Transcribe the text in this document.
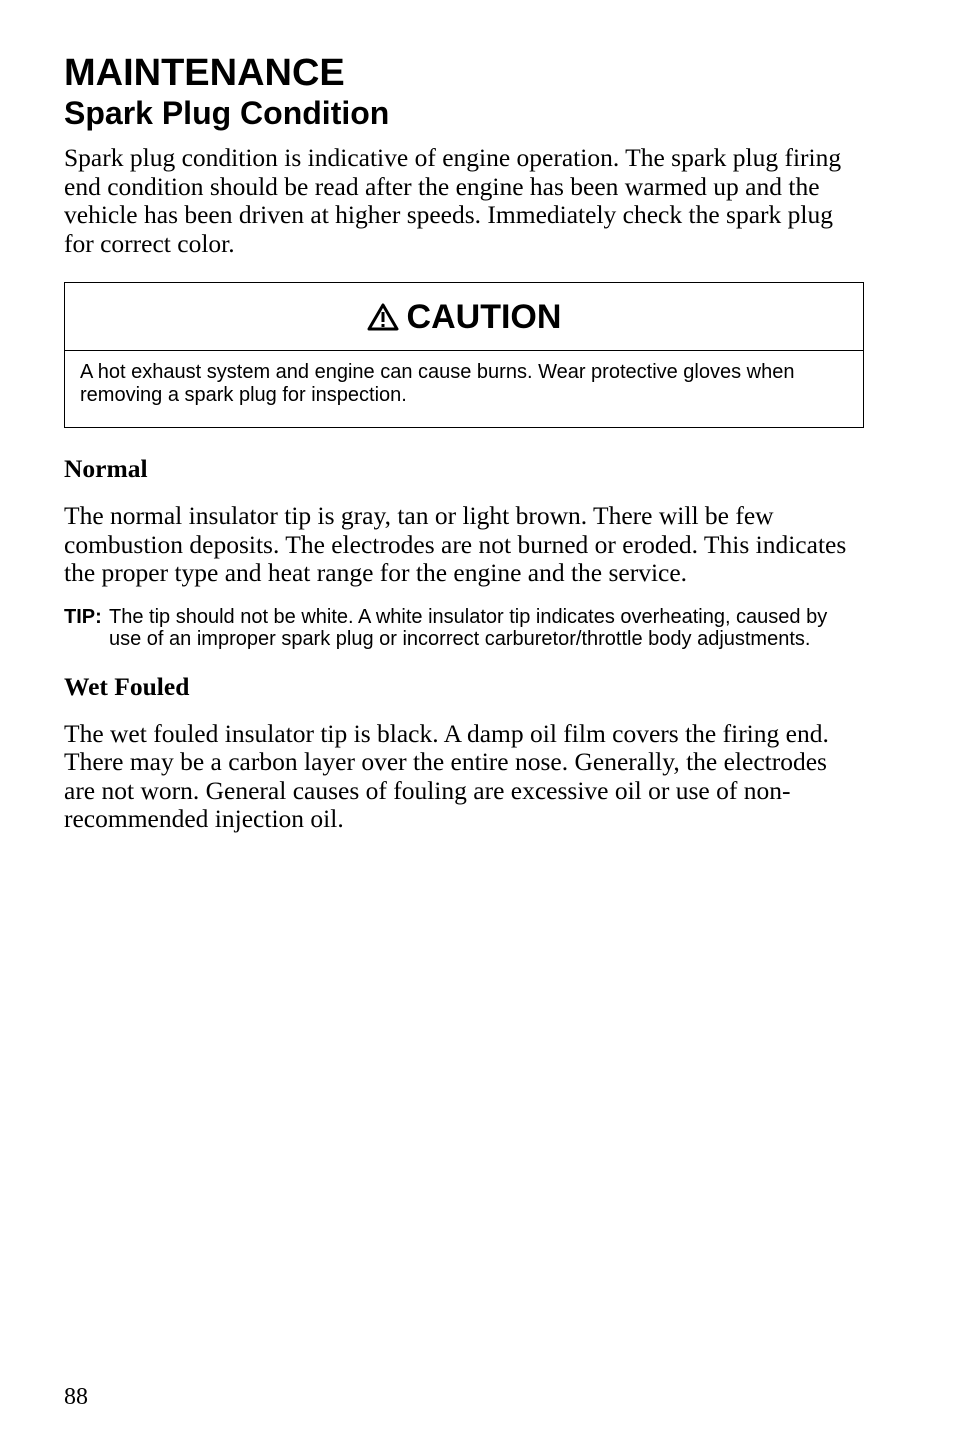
MAINTENANCE
Spark Plug Condition

Spark plug condition is indicative of engine operation. The spark plug firing end condition should be read after the engine has been warmed up and the vehicle has been driven at higher speeds. Immediately check the spark plug for correct color.

CAUTION
A hot exhaust system and engine can cause burns. Wear protective gloves when removing a spark plug for inspection.
Normal

The normal insulator tip is gray, tan or light brown. There will be few combustion deposits. The electrodes are not burned or eroded. This indicates the proper type and heat range for the engine and the service.

TIP: The tip should not be white. A white insulator tip indicates overheating, caused by use of an improper spark plug or incorrect carburetor/throttle body adjustments.
Wet Fouled

The wet fouled insulator tip is black. A damp oil film covers the firing end. There may be a carbon layer over the entire nose. Generally, the electrodes are not worn. General causes of fouling are excessive oil or use of non-recommended injection oil.

88
